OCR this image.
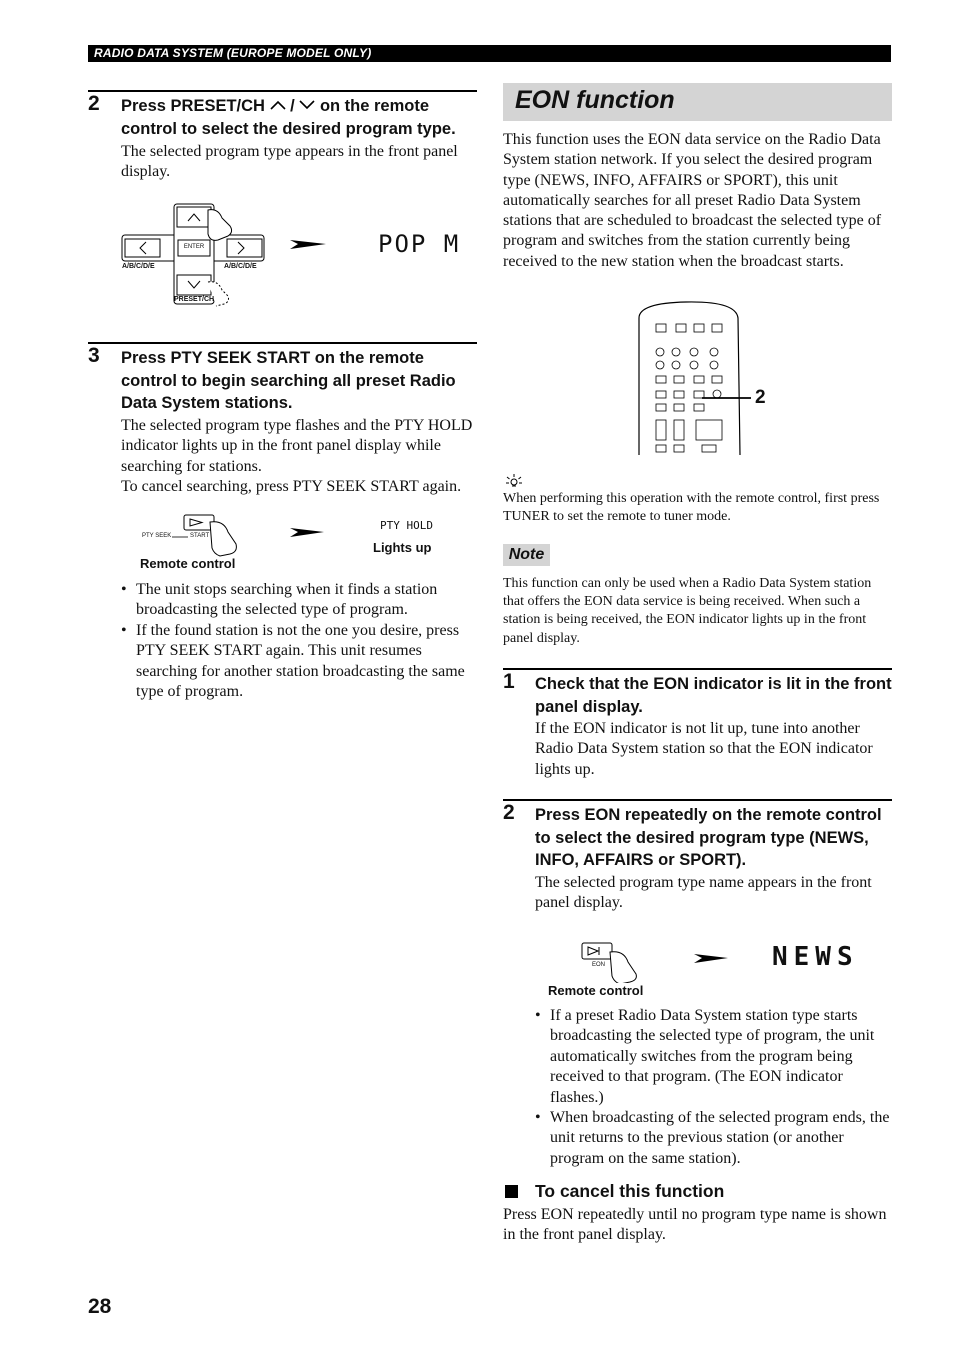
RADIO DATA SYSTEM (EUROPE MODEL ONLY)
2 Press PRESET/CH  /  on the remote
control to select the desired program type.
The selected program type appears in the front panel display.
ENTER
A/B/C/D/E	A/B/C/D/E
PRESET/CH
POP M
3 Press PTY SEEK START on the remote control to begin searching all preset Radio Data System stations.
The selected program type flashes and the PTY HOLD indicator lights up in the front panel display while searching for stations.
To cancel searching, press PTY SEEK START again.
PTY SEEK	START
PTY HOLD
Lights up
Remote control
• The unit stops searching when it finds a station broadcasting the selected type of program.
• If the found station is not the one you desire, press PTY SEEK START again. This unit resumes searching for another station broadcasting the same type of program.
28
EON function
This function uses the EON data service on the Radio Data System station network. If you select the desired program type (NEWS, INFO, AFFAIRS or SPORT), this unit automatically searches for all preset Radio Data System stations that are scheduled to broadcast the selected type of program and switches from the station currently being received to the new station when the broadcast starts.
2
When performing this operation with the remote control, first press TUNER to set the remote to tuner mode.
Note
This function can only be used when a Radio Data System station that offers the EON data service is being received. When such a station is being received, the EON indicator lights up in the front panel display.
1 Check that the EON indicator is lit in the front panel display.
If the EON indicator is not lit up, tune into another Radio Data System station so that the EON indicator lights up.
2 Press EON repeatedly on the remote control to select the desired program type (NEWS, INFO, AFFAIRS or SPORT).
The selected program type name appears in the front panel display.
EON	NEWS
Remote control
• If a preset Radio Data System station type starts broadcasting the selected type of program, the unit automatically switches from the program being received to that program. (The EON indicator flashes.)
• When broadcasting of the selected program ends, the unit returns to the previous station (or another program on the same station).
To cancel this function
Press EON repeatedly until no program type name is shown in the front panel display.
